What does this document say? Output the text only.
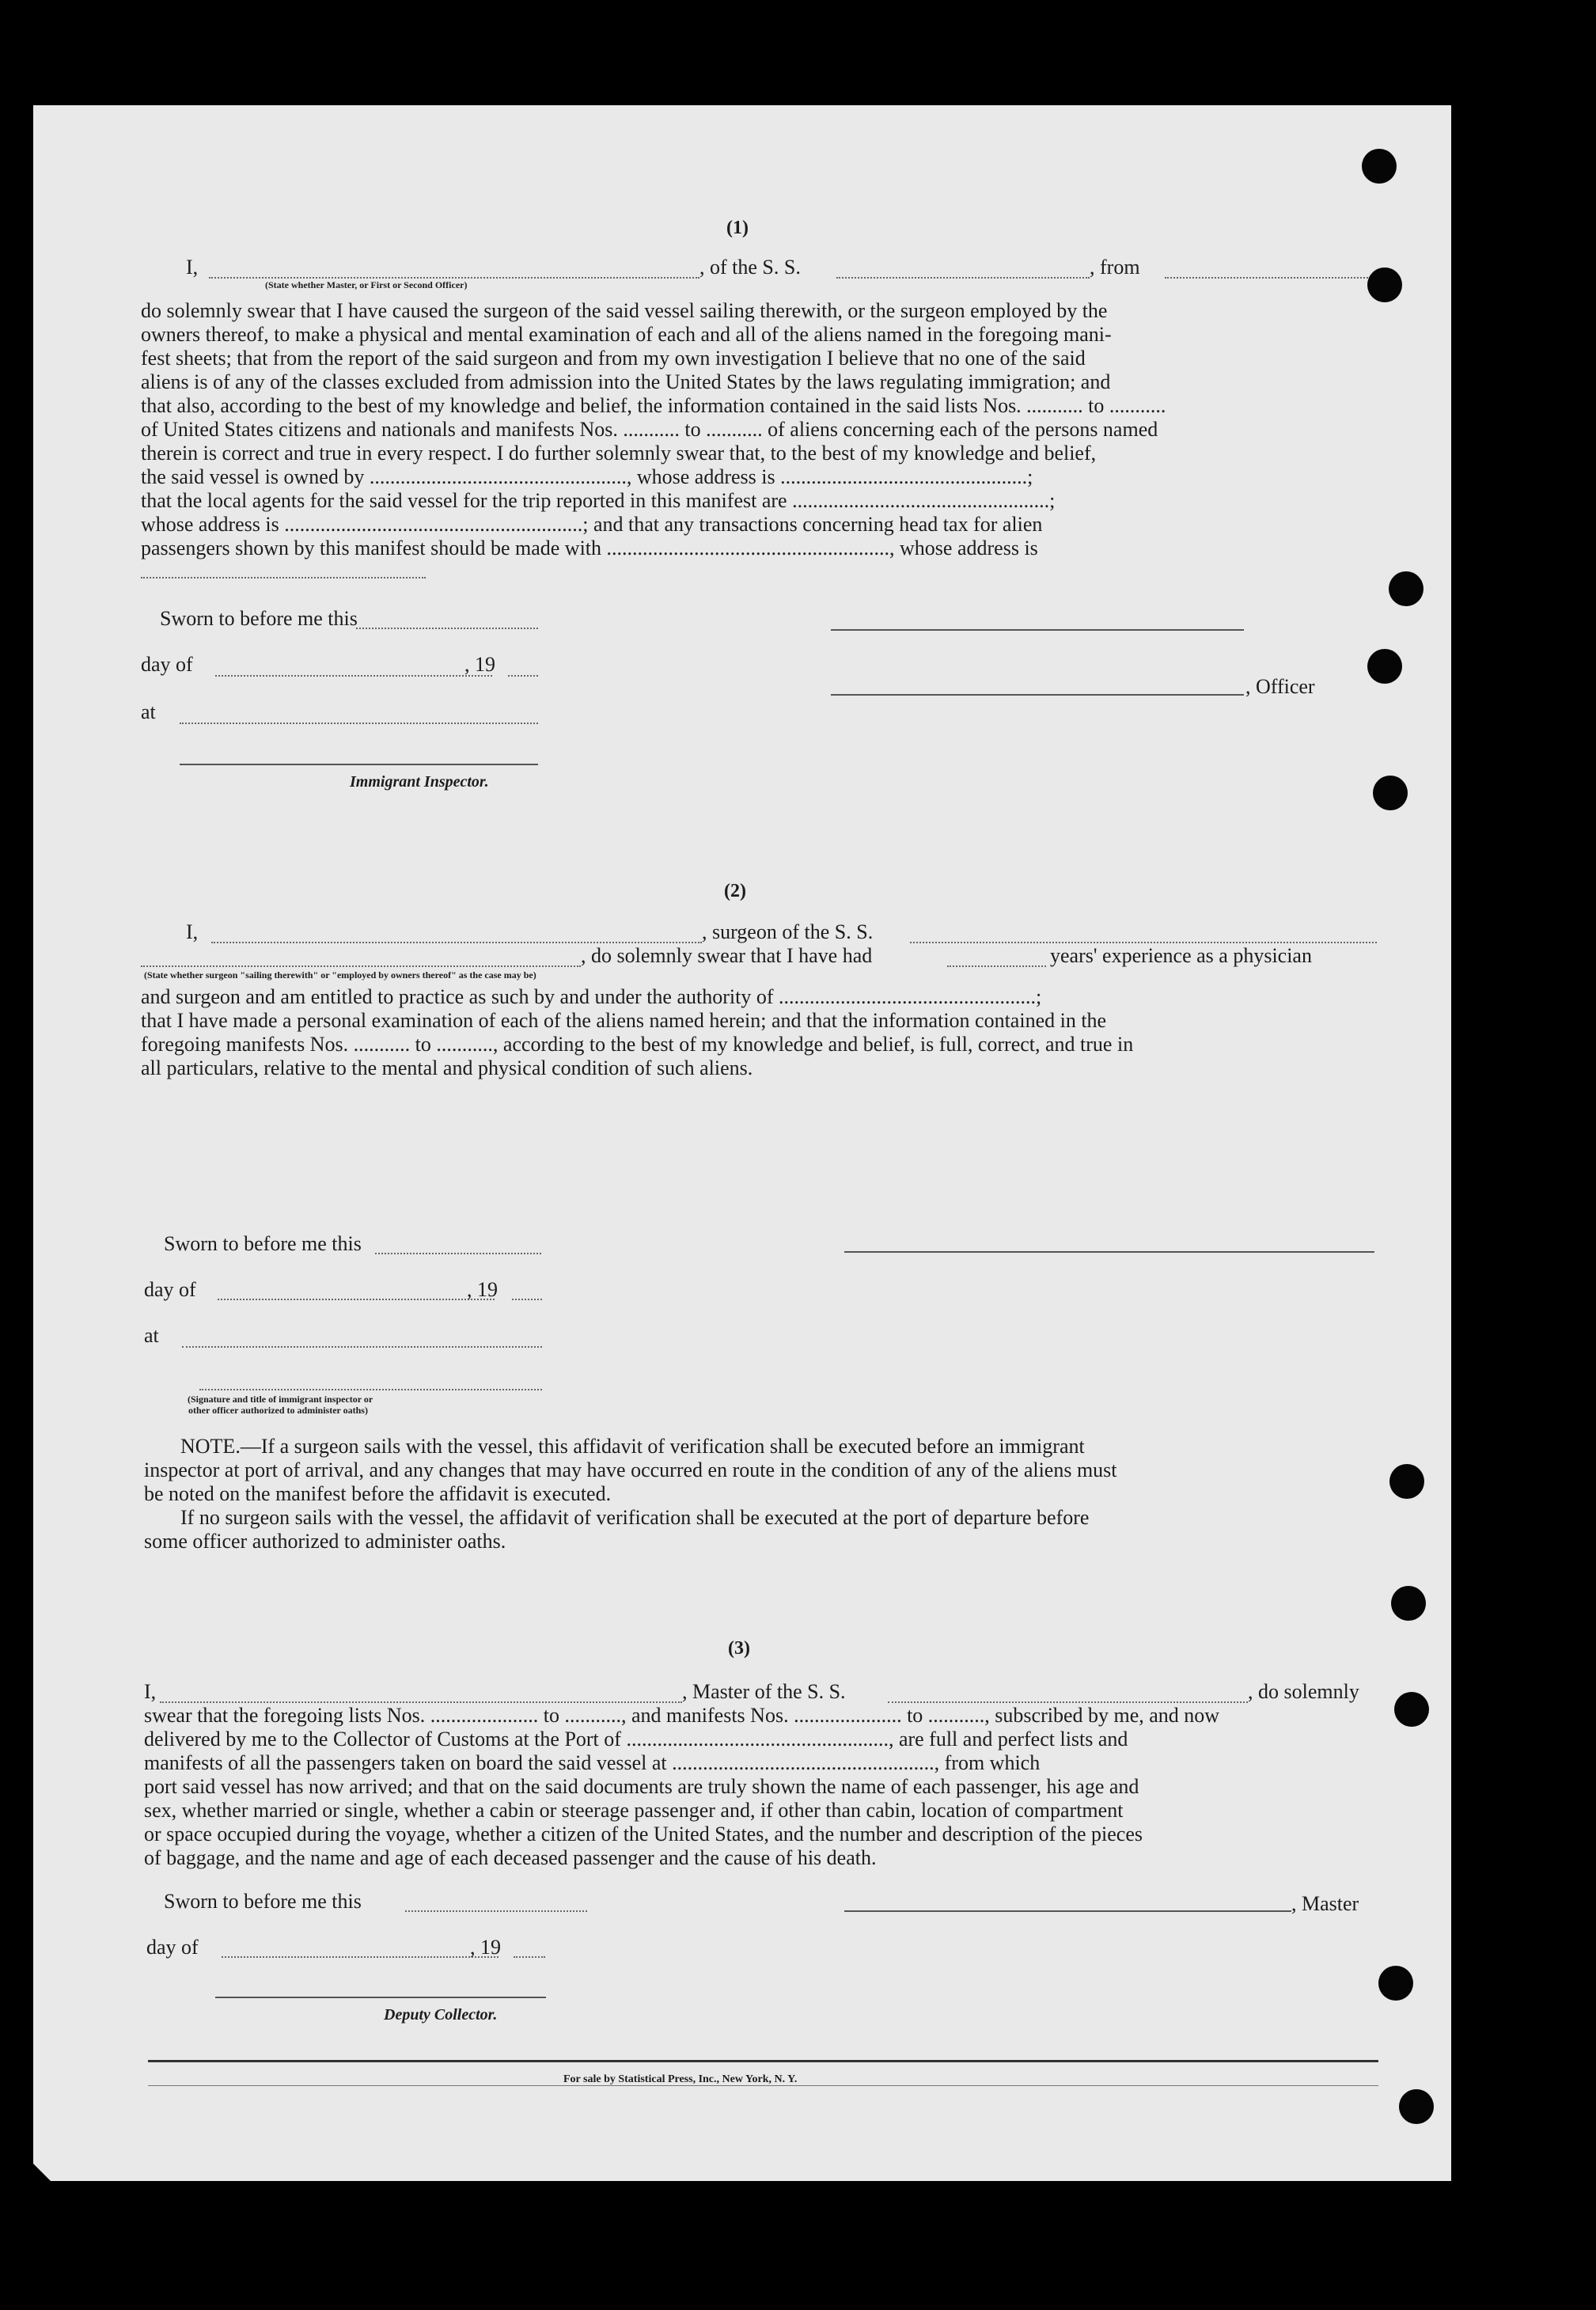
(1)
I,
(State whether Master, or First or Second Officer)
, of the S. S.	, from
do solemnly swear that I have caused the surgeon of the said vessel sailing therewith, or the surgeon employed by the
owners thereof, to make a physical and mental examination of each and all of the aliens named in the foregoing mani-
fest sheets; that from the report of the said surgeon and from my own investigation I believe that no one of the said
aliens is of any of the classes excluded from admission into the United States by the laws regulating immigration; and
that also, according to the best of my knowledge and belief, the information contained in the said lists Nos. ........... to ...........
of United States citizens and nationals and manifests Nos. ........... to ........... of aliens concerning each of the persons named
therein is correct and true in every respect. I do further solemnly swear that, to the best of my knowledge and belief,
the said vessel is owned by .................................................., whose address is ................................................;
that the local agents for the said vessel for the trip reported in this manifest are ..................................................;
whose address is ..........................................................; and that any transactions concerning head tax for alien
passengers shown by this manifest should be made with ......................................................., whose address is
Sworn to before me this
day of	, 19
, Officer
at
Immigrant Inspector.
(2)
I,	, surgeon of the S. S.
, do solemnly swear that I have had	years' experience as a physician
(State whether surgeon "sailing therewith" or "employed by owners thereof" as the case may be)
and surgeon and am entitled to practice as such by and under the authority of ..................................................;
that I have made a personal examination of each of the aliens named herein; and that the information contained in the
foregoing manifests Nos. ........... to ..........., according to the best of my knowledge and belief, is full, correct, and true in
all particulars, relative to the mental and physical condition of such aliens.
Sworn to before me this
day of	, 19
at
(Signature and title of immigrant inspector or
other officer authorized to administer oaths)
NOTE.—If a surgeon sails with the vessel, this affidavit of verification shall be executed before an immigrant
inspector at port of arrival, and any changes that may have occurred en route in the condition of any of the aliens must
be noted on the manifest before the affidavit is executed.
If no surgeon sails with the vessel, the affidavit of verification shall be executed at the port of departure before
some officer authorized to administer oaths.
(3)
I,	, Master of the S. S.	, do solemnly
swear that the foregoing lists Nos. ..................... to ..........., and manifests Nos. ..................... to ..........., subscribed by me, and now
delivered by me to the Collector of Customs at the Port of ..................................................., are full and perfect lists and
manifests of all the passengers taken on board the said vessel at ..................................................., from which
port said vessel has now arrived; and that on the said documents are truly shown the name of each passenger, his age and
sex, whether married or single, whether a cabin or steerage passenger and, if other than cabin, location of compartment
or space occupied during the voyage, whether a citizen of the United States, and the number and description of the pieces
of baggage, and the name and age of each deceased passenger and the cause of his death.
Sworn to before me this	, Master
day of	, 19
Deputy Collector.
For sale by Statistical Press, Inc., New York, N. Y.
